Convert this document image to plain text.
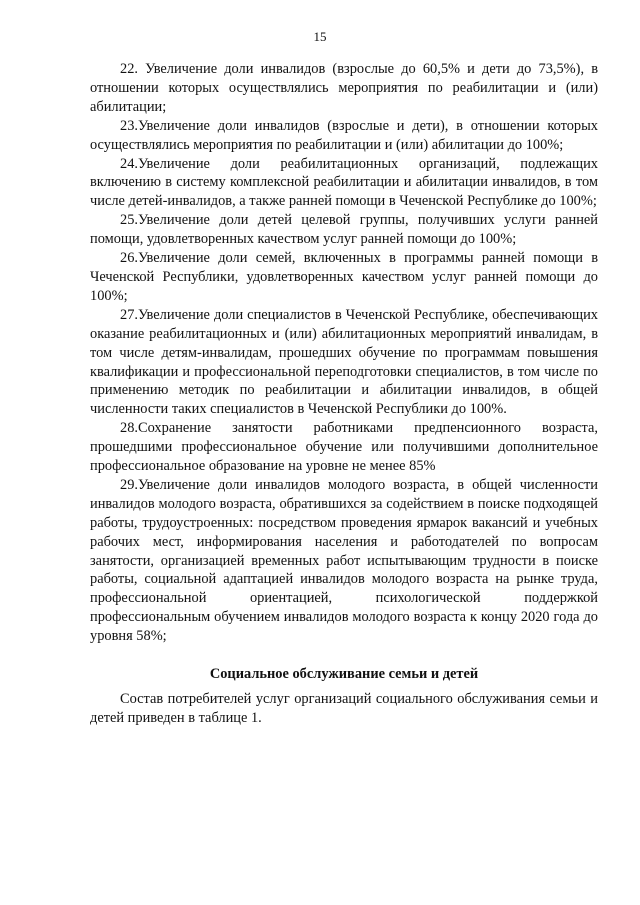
15

22. Увеличение доли инвалидов (взрослые до 60,5% и дети до 73,5%), в отношении которых осуществлялись мероприятия по реабилитации и (или) абилитации;

23.Увеличение доли инвалидов (взрослые и дети), в отношении которых осуществлялись мероприятия по реабилитации и (или) абилитации до 100%;

24.Увеличение доли реабилитационных организаций, подлежащих включению в систему комплексной реабилитации и абилитации инвалидов, в том числе детей-инвалидов, а также ранней помощи в Чеченской Республике до 100%;

25.Увеличение доли детей целевой группы, получивших услуги ранней помощи, удовлетворенных качеством услуг ранней помощи до 100%;

26.Увеличение доли семей, включенных в программы ранней помощи в Чеченской Республики, удовлетворенных качеством услуг ранней помощи до 100%;

27.Увеличение доли специалистов в Чеченской Республике, обеспечивающих оказание реабилитационных и (или) абилитационных мероприятий инвалидам, в том числе детям-инвалидам, прошедших обучение по программам повышения квалификации и профессиональной переподготовки специалистов, в том числе по применению методик по реабилитации и абилитации инвалидов, в общей численности таких специалистов в Чеченской Республики до 100%.

28.Сохранение занятости работниками предпенсионного возраста, прошедшими профессиональное обучение или получившими дополнительное профессиональное образование на уровне не менее 85%

29.Увеличение доли инвалидов молодого возраста, в общей численности инвалидов молодого возраста, обратившихся за содействием в поиске подходящей работы, трудоустроенных: посредством проведения ярмарок вакансий и учебных рабочих мест, информирования населения и работодателей по вопросам занятости, организацией временных работ испытывающим трудности в поиске работы, социальной адаптацией инвалидов молодого возраста на рынке труда, профессиональной ориентацией, психологической поддержкой профессиональным обучением инвалидов молодого возраста к концу 2020 года до уровня 58%;

Социальное обслуживание семьи и детей

Состав потребителей услуг организаций социального обслуживания семьи и детей приведен в таблице 1.
